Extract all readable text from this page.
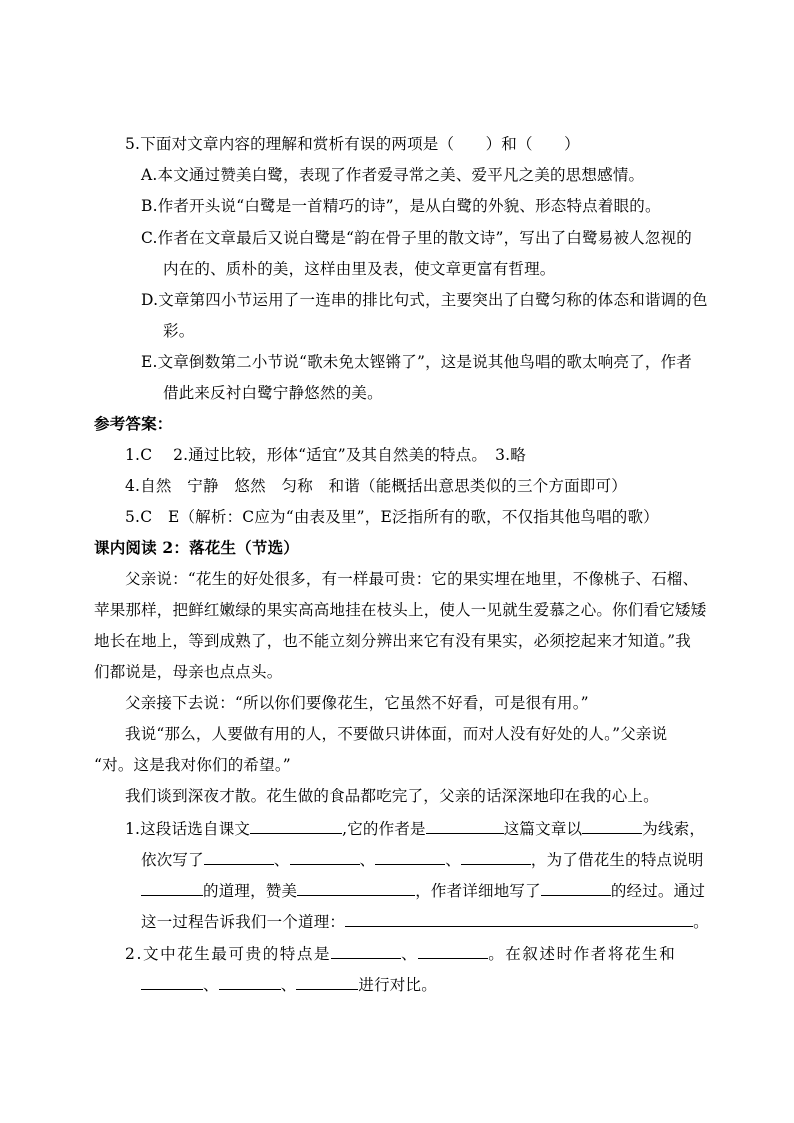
5.下面对文章内容的理解和赏析有误的两项是（　　）和（　　）
A.本文通过赞美白鹭，表现了作者爱寻常之美、爱平凡之美的思想感情。
B.作者开头说“白鹭是一首精巧的诗”，是从白鹭的外貌、形态特点着眼的。
C.作者在文章最后又说白鹭是“韵在骨子里的散文诗”，写出了白鹭易被人忽视的
内在的、质朴的美，这样由里及表，使文章更富有哲理。
D.文章第四小节运用了一连串的排比句式，主要突出了白鹭匀称的体态和谐调的色
彩。
E.文章倒数第二小节说“歌未免太铿锵了”，这是说其他鸟唱的歌太响亮了，作者
借此来反衬白鹭宁静悠然的美。
参考答案：
1.C　 2.通过比较，形体“适宜”及其自然美的特点。　3.略
4.自然　宁静　悠然　匀称　和谐（能概括出意思类似的三个方面即可）
5.C　E（解析：C应为“由表及里”，E泛指所有的歌，不仅指其他鸟唱的歌）
课内阅读 2：落花生（节选）
父亲说：“花生的好处很多，有一样最可贵：它的果实埋在地里，不像桃子、石榴、
苹果那样，把鲜红嫩绿的果实高高地挂在枝头上，使人一见就生爱慕之心。你们看它矮矮
地长在地上，等到成熟了，也不能立刻分辨出来它有没有果实，必须挖起来才知道。”我
们都说是，母亲也点点头。
父亲接下去说：“所以你们要像花生，它虽然不好看，可是很有用。”
我说“那么，人要做有用的人，不要做只讲体面，而对人没有好处的人。”父亲说
“对。这是我对你们的希望。”
我们谈到深夜才散。花生做的食品都吃完了，父亲的话深深地印在我的心上。
1.这段话选自课文	,它的作者是	这篇文章以	为线索，
依次写了	、	、	、	，为了借花生的特点说明
的道理，赞美	，作者详细地写了	的经过。通过
这一过程告诉我们一个道理：	。
2.文中花生最可贵的特点是	、	。在叙述时作者将花生和
、	、	进行对比。
